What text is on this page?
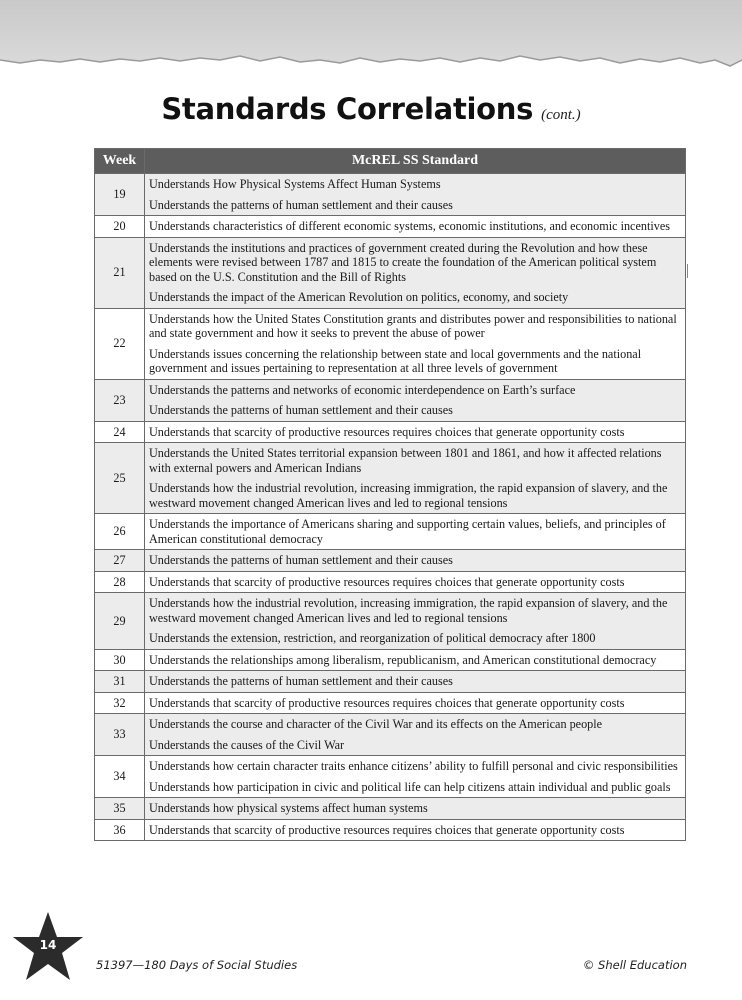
Standards Correlations (cont.)
Week	McREL SS Standard
19	Understands How Physical Systems Affect Human Systems
Understands the patterns of human settlement and their causes

20	Understands characteristics of different economic systems, economic institutions, and economic incentives

21	Understands the institutions and practices of government created during the Revolution and how these elements were revised between 1787 and 1815 to create the foundation of the American political system based on the U.S. Constitution and the Bill of Rights
Understands the impact of the American Revolution on politics, economy, and society

22	Understands how the United States Constitution grants and distributes power and responsibilities to national and state government and how it seeks to prevent the abuse of power
Understands issues concerning the relationship between state and local governments and the national government and issues pertaining to representation at all three levels of government

23	Understands the patterns and networks of economic interdependence on Earth’s surface
Understands the patterns of human settlement and their causes

24	Understands that scarcity of productive resources requires choices that generate opportunity costs

25	Understands the United States territorial expansion between 1801 and 1861, and how it affected relations with external powers and American Indians
Understands how the industrial revolution, increasing immigration, the rapid expansion of slavery, and the westward movement changed American lives and led to regional tensions

26	Understands the importance of Americans sharing and supporting certain values, beliefs, and principles of American constitutional democracy

27	Understands the patterns of human settlement and their causes

28	Understands that scarcity of productive resources requires choices that generate opportunity costs

29	Understands how the industrial revolution, increasing immigration, the rapid expansion of slavery, and the westward movement changed American lives and led to regional tensions
Understands the extension, restriction, and reorganization of political democracy after 1800

30	Understands the relationships among liberalism, republicanism, and American constitutional democracy

31	Understands the patterns of human settlement and their causes

32	Understands that scarcity of productive resources requires choices that generate opportunity costs

33	Understands the course and character of the Civil War and its effects on the American people
Understands the causes of the Civil War

34	Understands how certain character traits enhance citizens’ ability to fulfill personal and civic responsibilities
Understands how participation in civic and political life can help citizens attain individual and public goals

35	Understands how physical systems affect human systems

36	Understands that scarcity of productive resources requires choices that generate opportunity costs
14
51397—180 Days of Social Studies	© Shell Education
